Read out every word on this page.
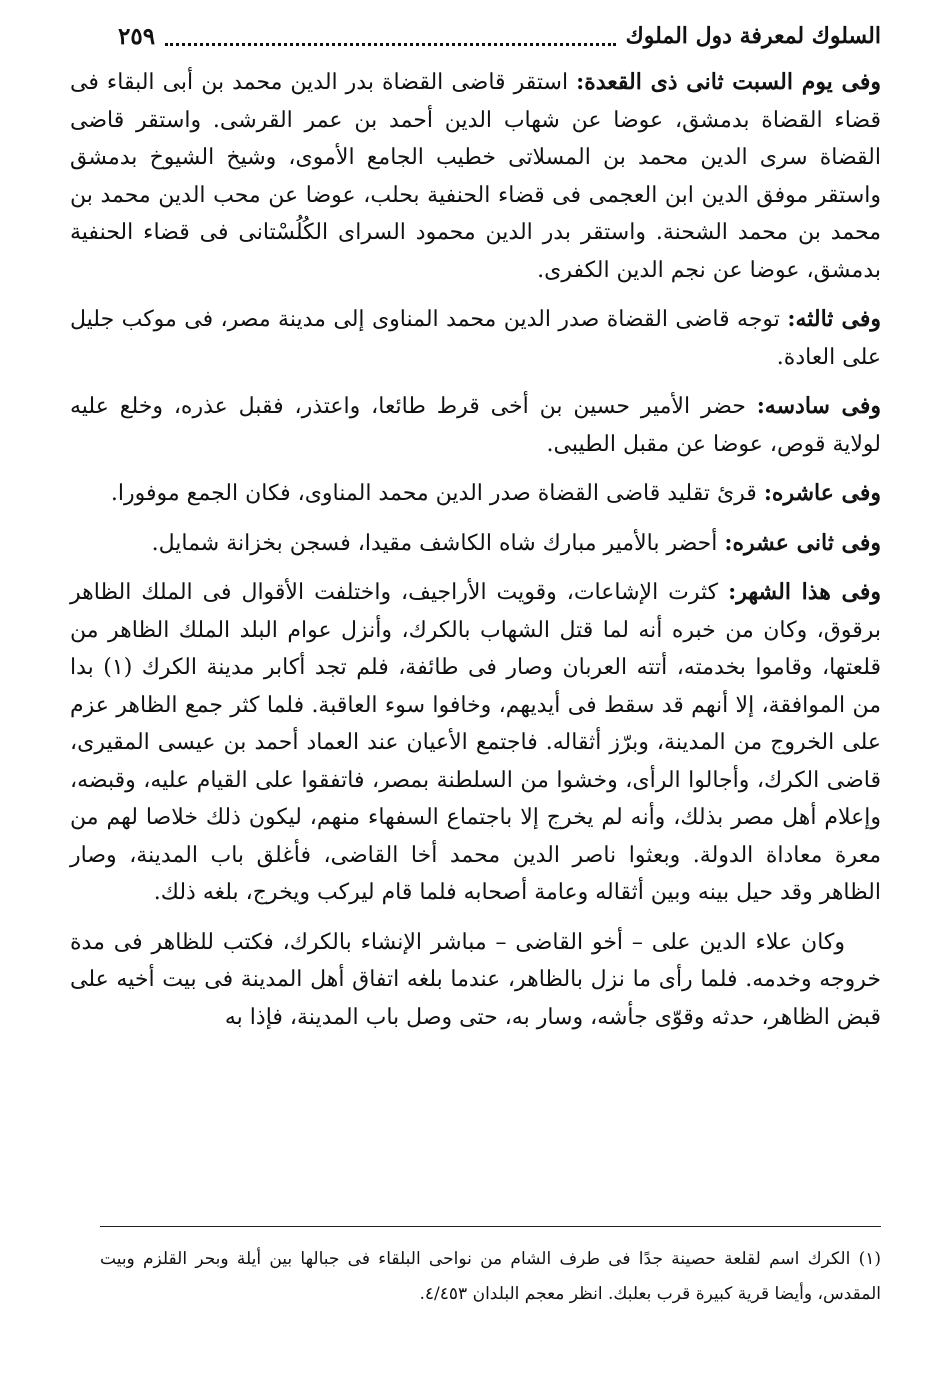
السلوك لمعرفة دول الملوك
٢٥٩

وفى يوم السبت ثانى ذى القعدة: استقر قاضى القضاة بدر الدين محمد بن أبى البقاء فى قضاء القضاة بدمشق، عوضا عن شهاب الدين أحمد بن عمر القرشى. واستقر قاضى القضاة سرى الدين محمد بن المسلاتى خطيب الجامع الأموى، وشيخ الشيوخ بدمشق واستقر موفق الدين ابن العجمى فى قضاء الحنفية بحلب، عوضا عن محب الدين محمد بن محمد بن محمد الشحنة. واستقر بدر الدين محمود السراى الكُلُسْتانى فى قضاء الحنفية بدمشق، عوضا عن نجم الدين الكفرى.

وفى ثالثه: توجه قاضى القضاة صدر الدين محمد المناوى إلى مدينة مصر، فى موكب جليل على العادة.

وفى سادسه: حضر الأمير حسين بن أخى قرط طائعا، واعتذر، فقبل عذره، وخلع عليه لولاية قوص، عوضا عن مقبل الطيبى.

وفى عاشره: قرئ تقليد قاضى القضاة صدر الدين محمد المناوى، فكان الجمع موفورا.

وفى ثانى عشره: أحضر بالأمير مبارك شاه الكاشف مقيدا، فسجن بخزانة شمايل.

وفى هذا الشهر: كثرت الإشاعات، وقويت الأراجيف، واختلفت الأقوال فى الملك الظاهر برقوق، وكان من خبره أنه لما قتل الشهاب بالكرك، وأنزل عوام البلد الملك الظاهر من قلعتها، وقاموا بخدمته، أتته العربان وصار فى طائفة، فلم تجد أكابر مدينة الكرك (١) بدا من الموافقة، إلا أنهم قد سقط فى أيديهم، وخافوا سوء العاقبة. فلما كثر جمع الظاهر عزم على الخروج من المدينة، وبرّز أثقاله. فاجتمع الأعيان عند العماد أحمد بن عيسى المقيرى، قاضى الكرك، وأجالوا الرأى، وخشوا من السلطنة بمصر، فاتفقوا على القيام عليه، وقبضه، وإعلام أهل مصر بذلك، وأنه لم يخرج إلا باجتماع السفهاء منهم، ليكون ذلك خلاصا لهم من معرة معاداة الدولة. وبعثوا ناصر الدين محمد أخا القاضى، فأغلق باب المدينة، وصار الظاهر وقد حيل بينه وبين أثقاله وعامة أصحابه فلما قام ليركب ويخرج، بلغه ذلك.

وكان علاء الدين على – أخو القاضى – مباشر الإنشاء بالكرك، فكتب للظاهر فى مدة خروجه وخدمه. فلما رأى ما نزل بالظاهر، عندما بلغه اتفاق أهل المدينة فى بيت أخيه على قبض الظاهر، حدثه وقوّى جأشه، وسار به، حتى وصل باب المدينة، فإذا به

(١) الكرك اسم لقلعة حصينة جدًا فى طرف الشام من نواحى البلقاء فى جبالها بين أيلة وبحر القلزم وبيت المقدس، وأيضا قرية كبيرة قرب بعلبك. انظر معجم البلدان ٤/٤٥٣.
